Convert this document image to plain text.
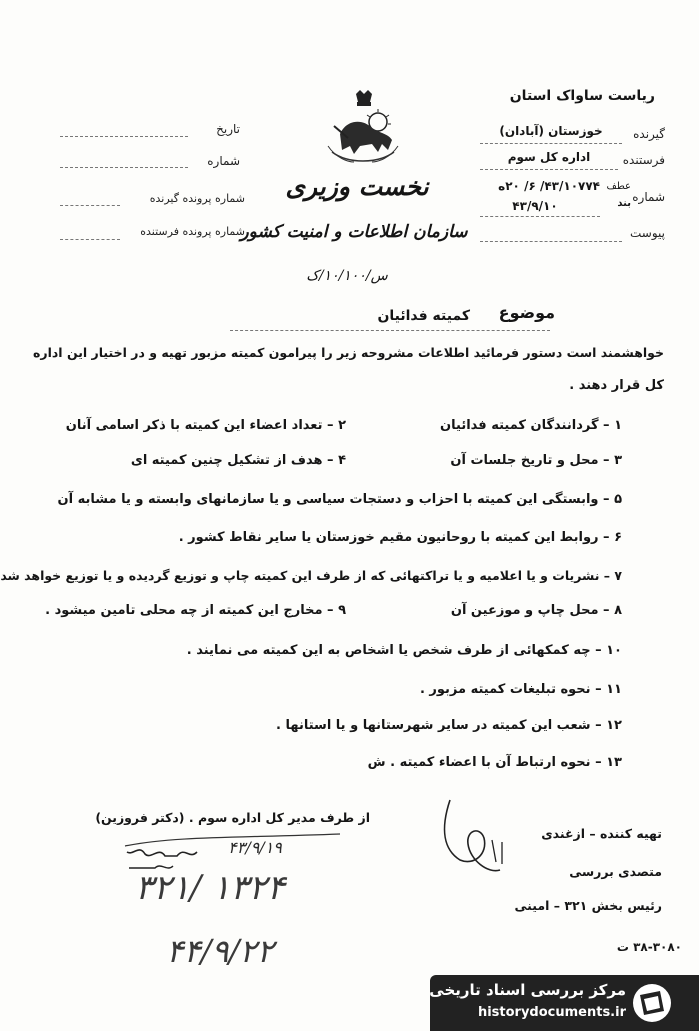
نخست وزیری
سازمان اطلاعات و امنیت کشور
س/۱۰/۱۰۰/ک
ریاست ساواک استان
گیرنده
خوزستان (آبادان)
فرستنده
اداره کل سوم
شماره
عطف
بند
۴۳/۱۰۷۷۴/ ۶/ ۲۰ه
۴۳/۹/۱۰
پیوست
تاریخ
شماره
شماره پرونده گیرنده
شماره پرونده فرستنده
موضوع
کمیته فدائیان
خواهشمند است دستور فرمائید اطلاعات مشروحه زیر را پیرامون کمیته مزبور تهیه و در اختیار این اداره
کل قرار دهند .
۱ – گردانندگان کمیته فدائیان
۲ – تعداد اعضاء این کمیته با ذکر اسامی آنان
۳ – محل و تاریخ جلسات آن
۴ – هدف از تشکیل چنین کمیته ای
۵ – وابستگی این کمیته با احزاب و دستجات سیاسی و یا سازمانهای وابسته و یا مشابه آن
۶ – روابط این کمیته با روحانیون مقیم خوزستان یا سایر نقاط کشور .
۷ – نشریات و یا اعلامیه و یا تراکتهائی که از طرف این کمیته چاپ و توزیع گردیده و یا توزیع خواهد شد
۸ – محل چاپ و موزعین آن
۹ – مخارج این کمیته از چه محلی تامین میشود .
۱۰ – چه کمکهائی از طرف شخص یا اشخاص به این کمیته می نمایند .
۱۱ – نحوه تبلیغات کمیته مزبور .
۱۲ – شعب این کمیته در سایر شهرستانها و یا استانها .
۱۳ – نحوه ارتباط آن با اعضاء کمیته . ش
از طرف مدیر کل اداره سوم . (دکتر فروزین)
۴۳/۹/۱۹
۳۲۱/ ۱۳۲۴
۴۴/۹/۲۲
تهیه کننده – ازغندی
متصدی بررسی
رئیس بخش ۳۲۱ – امینی
۳۸-۳۰۸۰ ت
مرکز بررسی اسناد تاریخی
historydocuments.ir
